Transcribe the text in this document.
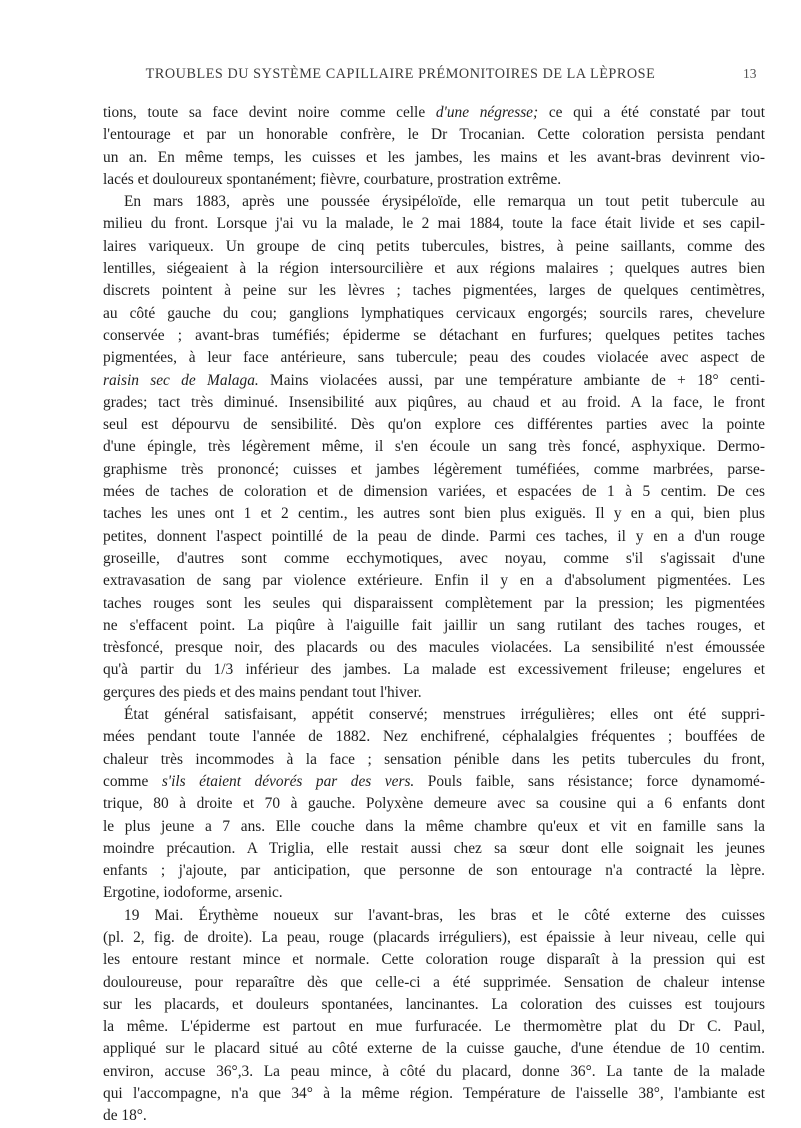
TROUBLES DU SYSTÈME CAPILLAIRE PRÉMONITOIRES DE LA LÈPROSE	13
tions, toute sa face devint noire comme celle d'une négresse; ce qui a été constaté par tout
l'entourage et par un honorable confrère, le Dr Trocanian. Cette coloration persista pendant
un an. En même temps, les cuisses et les jambes, les mains et les avant-bras devinrent vio-
lacés et douloureux spontanément; fièvre, courbature, prostration extrême.
En mars 1883, après une poussée érysipéloïde, elle remarqua un tout petit tubercule au
milieu du front. Lorsque j'ai vu la malade, le 2 mai 1884, toute la face était livide et ses capil-
laires variqueux. Un groupe de cinq petits tubercules, bistres, à peine saillants, comme des
lentilles, siégeaient à la région intersourcilière et aux régions malaires ; quelques autres bien
discrets pointent à peine sur les lèvres ; taches pigmentées, larges de quelques centimètres,
au côté gauche du cou; ganglions lymphatiques cervicaux engorgés; sourcils rares, chevelure
conservée ; avant-bras tuméfiés; épiderme se détachant en furfures; quelques petites taches
pigmentées, à leur face antérieure, sans tubercule; peau des coudes violacée avec aspect de
raisin sec de Malaga. Mains violacées aussi, par une température ambiante de + 18° centi-
grades; tact très diminué. Insensibilité aux piqûres, au chaud et au froid. A la face, le front
seul est dépourvu de sensibilité. Dès qu'on explore ces différentes parties avec la pointe
d'une épingle, très légèrement même, il s'en écoule un sang très foncé, asphyxique. Dermo-
graphisme très prononcé; cuisses et jambes légèrement tuméfiées, comme marbrées, parse-
mées de taches de coloration et de dimension variées, et espacées de 1 à 5 centim. De ces
taches les unes ont 1 et 2 centim., les autres sont bien plus exiguës. Il y en a qui, bien plus
petites, donnent l'aspect pointillé de la peau de dinde. Parmi ces taches, il y en a d'un rouge
groseille, d'autres sont comme ecchymotiques, avec noyau, comme s'il s'agissait d'une
extravasation de sang par violence extérieure. Enfin il y en a d'absolument pigmentées. Les
taches rouges sont les seules qui disparaissent complètement par la pression; les pigmentées
ne s'effacent point. La piqûre à l'aiguille fait jaillir un sang rutilant des taches rouges, et
trèsfoncé, presque noir, des placards ou des macules violacées. La sensibilité n'est émoussée
qu'à partir du 1/3 inférieur des jambes. La malade est excessivement frileuse; engelures et
gerçures des pieds et des mains pendant tout l'hiver.
État général satisfaisant, appétit conservé; menstrues irrégulières; elles ont été suppri-
mées pendant toute l'année de 1882. Nez enchifrené, céphalalgies fréquentes ; bouffées de
chaleur très incommodes à la face ; sensation pénible dans les petits tubercules du front,
comme s'ils étaient dévorés par des vers. Pouls faible, sans résistance; force dynamomé-
trique, 80 à droite et 70 à gauche. Polyxène demeure avec sa cousine qui a 6 enfants dont
le plus jeune a 7 ans. Elle couche dans la même chambre qu'eux et vit en famille sans la
moindre précaution. A Triglia, elle restait aussi chez sa sœur dont elle soignait les jeunes
enfants ; j'ajoute, par anticipation, que personne de son entourage n'a contracté la lèpre.
Ergotine, iodoforme, arsenic.
19 Mai. Érythème noueux sur l'avant-bras, les bras et le côté externe des cuisses
(pl. 2, fig. de droite). La peau, rouge (placards irréguliers), est épaissie à leur niveau, celle qui
les entoure restant mince et normale. Cette coloration rouge disparaît à la pression qui est
douloureuse, pour reparaître dès que celle-ci a été supprimée. Sensation de chaleur intense
sur les placards, et douleurs spontanées, lancinantes. La coloration des cuisses est toujours
la même. L'épiderme est partout en mue furfuracée. Le thermomètre plat du Dr C. Paul,
appliqué sur le placard situé au côté externe de la cuisse gauche, d'une étendue de 10 centim.
environ, accuse 36°,3. La peau mince, à côté du placard, donne 36°. La tante de la malade
qui l'accompagne, n'a que 34° à la même région. Température de l'aisselle 38°, l'ambiante est
de 18°.
